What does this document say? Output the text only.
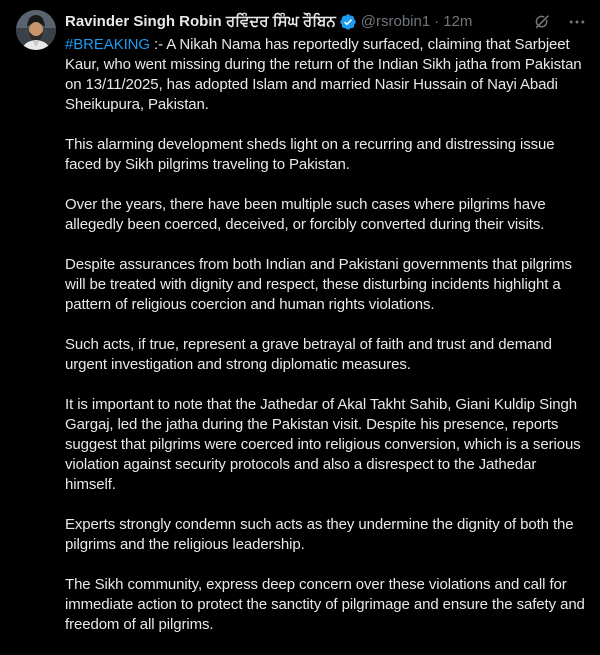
Ravinder Singh Robin ਰਵਿੰਦਰ ਸਿੰਘ ਰੌਬਿਨ @rsrobin1 · 12m

#BREAKING :- A Nikah Nama has reportedly surfaced, claiming that Sarbjeet Kaur, who went missing during the return of the Indian Sikh jatha from Pakistan on 13/11/2025, has adopted Islam and married Nasir Hussain of Nayi Abadi Sheikupura, Pakistan.

This alarming development sheds light on a recurring and distressing issue faced by Sikh pilgrims traveling to Pakistan.

Over the years, there have been multiple such cases where pilgrims have allegedly been coerced, deceived, or forcibly converted during their visits.

Despite assurances from both Indian and Pakistani governments that pilgrims will be treated with dignity and respect, these disturbing incidents highlight a pattern of religious coercion and human rights violations.

Such acts, if true, represent a grave betrayal of faith and trust and demand urgent investigation and strong diplomatic measures.

It is important to note that the Jathedar of Akal Takht Sahib, Giani Kuldip Singh Gargaj, led the jatha during the Pakistan visit. Despite his presence, reports suggest that pilgrims were coerced into religious conversion, which is a serious violation against security protocols and also a disrespect to the Jathedar himself.

Experts strongly condemn such acts as they undermine the dignity of both the pilgrims and the religious leadership.

The Sikh community, express deep concern over these violations and call for immediate action to protect the sanctity of pilgrimage and ensure the safety and freedom of all pilgrims.
